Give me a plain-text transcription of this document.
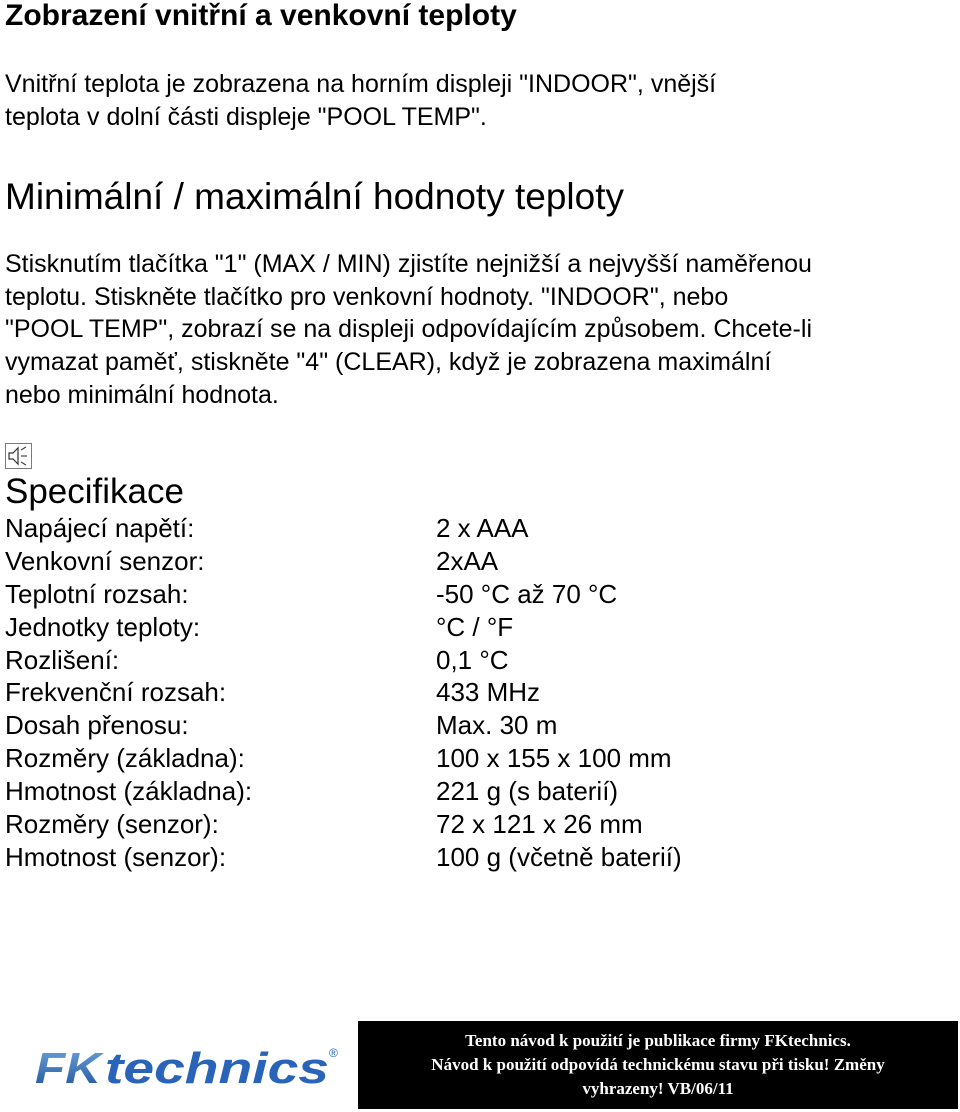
Zobrazení vnitřní a venkovní teploty

Vnitřní teplota je zobrazena na horním displeji "INDOOR", vnější
teplota v dolní části displeje "POOL TEMP".

Minimální / maximální hodnoty teploty

Stisknutím tlačítka "1" (MAX / MIN) zjistíte nejnižší a nejvyšší naměřenou
teplotu. Stiskněte tlačítko pro venkovní hodnoty. "INDOOR", nebo
"POOL TEMP", zobrazí se na displeji odpovídajícím způsobem. Chcete-li
vymazat paměť, stiskněte "4" (CLEAR), když je zobrazena maximální
nebo minimální hodnota.

Specifikace
Napájecí napětí:	2 x AAA
Venkovní senzor:	2xAA
Teplotní rozsah:	-50 °C až 70 °C
Jednotky teploty:	°C / °F
Rozlišení:	0,1 °C
Frekvenční rozsah:	433 MHz
Dosah přenosu:	Max. 30 m
Rozměry (základna):	100 x 155 x 100 mm
Hmotnost (základna):	221 g (s baterií)
Rozměry (senzor):	72 x 121 x 26 mm
Hmotnost (senzor):	100 g (včetně baterií)
FK technics ®
Tento návod k použití je publikace firmy FKtechnics.
Návod k použití odpovídá technickému stavu při tisku! Změny
vyhrazeny! VB/06/11
